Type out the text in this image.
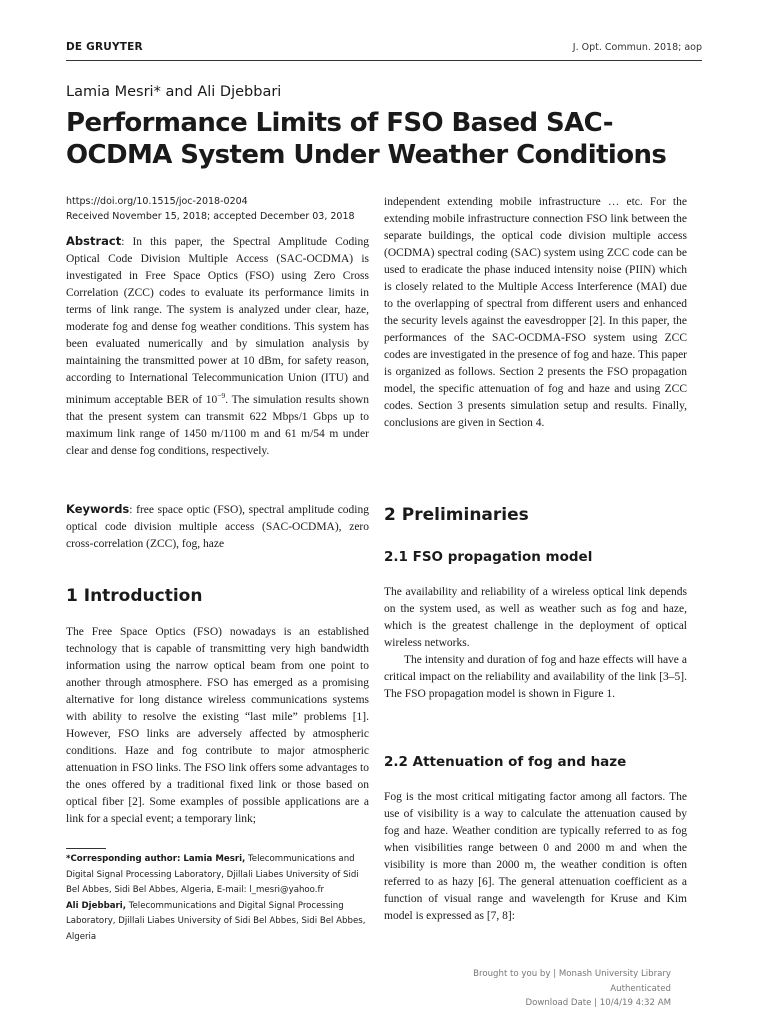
DE GRUYTER	J. Opt. Commun. 2018; aop
Lamia Mesri* and Ali Djebbari
Performance Limits of FSO Based SAC-OCDMA System Under Weather Conditions
https://doi.org/10.1515/joc-2018-0204
Received November 15, 2018; accepted December 03, 2018

Abstract: In this paper, the Spectral Amplitude Coding Optical Code Division Multiple Access (SAC-OCDMA) is investigated in Free Space Optics (FSO) using Zero Cross Correlation (ZCC) codes to evaluate its performance limits in terms of link range. The system is analyzed under clear, haze, moderate fog and dense fog weather conditions. This system has been evaluated numerically and by simulation analysis by maintaining the transmitted power at 10 dBm, for safety reason, according to International Telecommunication Union (ITU) and minimum acceptable BER of $10^{-9}$. The simulation results shown that the present system can transmit 622 Mbps/1 Gbps up to maximum link range of 1450 m/1100 m and 61 m/54 m under clear and dense fog conditions, respectively.

Keywords: free space optic (FSO), spectral amplitude coding optical code division multiple access (SAC-OCDMA), zero cross-correlation (ZCC), fog, haze

1 Introduction

The Free Space Optics (FSO) nowadays is an established technology that is capable of transmitting very high bandwidth information using the narrow optical beam from one point to another through atmosphere. FSO has emerged as a promising alternative for long distance wireless communications systems with ability to resolve the existing “last mile” problems [1]. However, FSO links are adversely affected by atmospheric conditions. Haze and fog contribute to major atmospheric attenuation in FSO links. The FSO link offers some advantages to the ones offered by a traditional fixed link or those based on optical fiber [2]. Some examples of possible applications are a link for a special event; a temporary link;

*Corresponding author: Lamia Mesri, Telecommunications and Digital Signal Processing Laboratory, Djillali Liabes University of Sidi Bel Abbes, Sidi Bel Abbes, Algeria, E-mail: l_mesri@yahoo.fr
Ali Djebbari, Telecommunications and Digital Signal Processing Laboratory, Djillali Liabes University of Sidi Bel Abbes, Sidi Bel Abbes, Algeria

independent extending mobile infrastructure … etc. For the extending mobile infrastructure connection FSO link between the separate buildings, the optical code division multiple access (OCDMA) spectral coding (SAC) system using ZCC code can be used to eradicate the phase induced intensity noise (PIIN) which is closely related to the Multiple Access Interference (MAI) due to the overlapping of spectral from different users and enhanced the security levels against the eavesdropper [2]. In this paper, the performances of the SAC-OCDMA-FSO system using ZCC codes are investigated in the presence of fog and haze. This paper is organized as follows. Section 2 presents the FSO propagation model, the specific attenuation of fog and haze and using ZCC codes. Section 3 presents simulation setup and results. Finally, conclusions are given in Section 4.

2 Preliminaries
2.1 FSO propagation model

The availability and reliability of a wireless optical link depends on the system used, as well as weather such as fog and haze, which is the greatest challenge in the deployment of optical wireless networks.

The intensity and duration of fog and haze effects will have a critical impact on the reliability and availability of the link [3–5]. The FSO propagation model is shown in Figure 1.

2.2 Attenuation of fog and haze

Fog is the most critical mitigating factor among all factors. The use of visibility is a way to calculate the attenuation caused by fog and haze. Weather condition are typically referred to as fog when visibilities range between 0 and 2000 m and when the visibility is more than 2000 m, the weather condition is often referred to as hazy [6]. The general attenuation coefficient as a function of visual range and wavelength for Kruse and Kim model is expressed as [7, 8]:

Brought to you by | Monash University Library
Authenticated
Download Date | 10/4/19 4:32 AM
